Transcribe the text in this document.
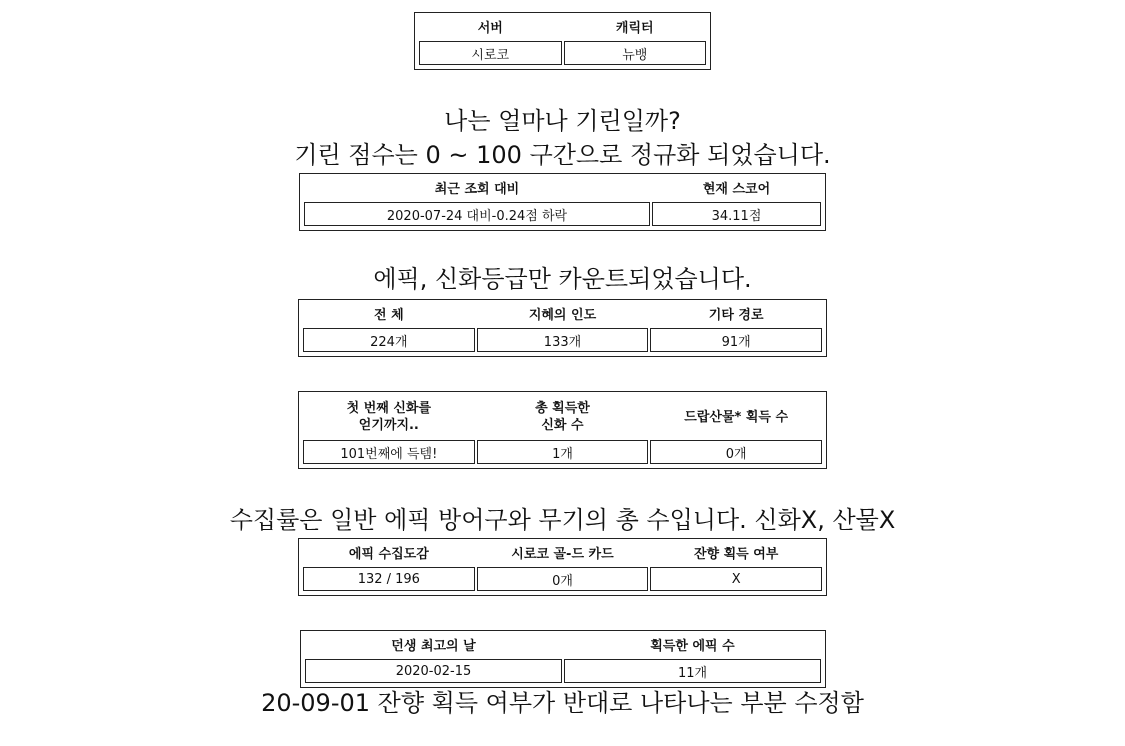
서버	캐릭터
시로코	뉴뱅
나는 얼마나 기린일까?
기린 점수는 0 ~ 100 구간으로 정규화 되었습니다.
최근 조회 대비	현재 스코어
2020-07-24 대비-0.24점 하락	34.11점
에픽, 신화등급만 카운트되었습니다.
전 체	지혜의 인도	기타 경로
224개	133개	91개
첫 번째 신화를 얻기까지..	총 획득한 신화 수	드랍산물* 획득 수
101번째에 득템!	1개	0개
수집률은 일반 에픽 방어구와 무기의 총 수입니다. 신화X, 산물X
에픽 수집도감	시로코 골-드 카드	잔향 획득 여부
132 / 196	0개	X
던생 최고의 날	획득한 에픽 수
2020-02-15	11개
20-09-01 잔향 획득 여부가 반대로 나타나는 부분 수정함
